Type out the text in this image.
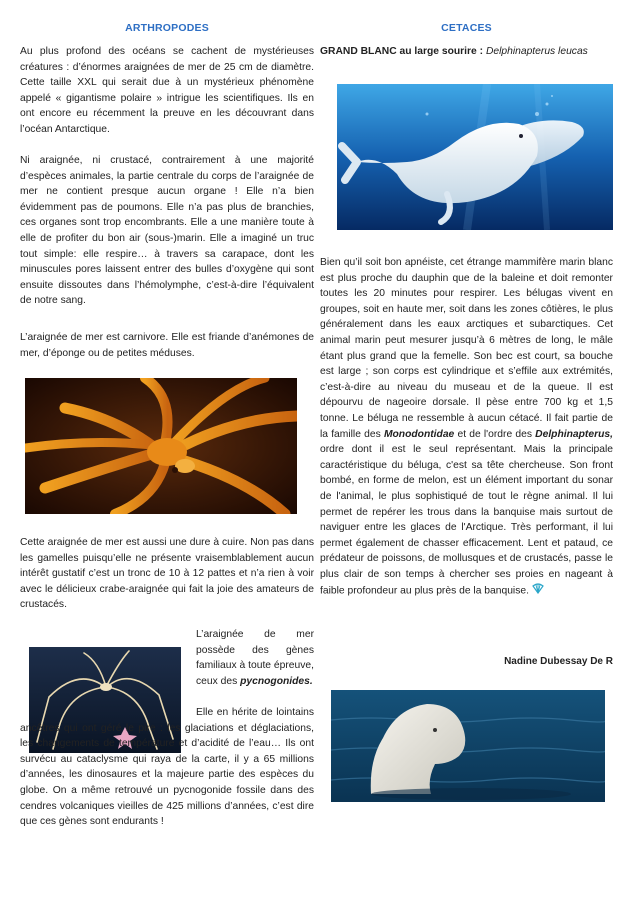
ARTHROPODES

Au plus profond des océans se cachent de mystérieuses créatures : d’énormes araignées de mer de 25 cm de diamètre. Cette taille XXL qui serait due à un mystérieux phénomène appelé « gigantisme polaire » intrigue les scientifiques. Ils en ont encore eu récemment la preuve en les découvrant dans l’océan Antarctique.

Ni araignée, ni crustacé, contrairement à une majorité d’espèces animales, la partie centrale du corps de l’araignée de mer ne contient presque aucun organe ! Elle n’a bien évidemment pas de poumons. Elle n’a pas plus de branchies, ces organes sont trop encombrants. Elle a une manière toute à elle de profiter du bon air (sous-)marin. Elle a imaginé un truc tout simple: elle respire… à travers sa carapace, dont les minuscules pores laissent entrer des bulles d’oxygène qui sont ensuite dissoutes dans l’hémolymphe, c’est-à-dire l’équivalent de notre sang.

L’araignée de mer est carnivore. Elle est friande d’anémones de mer, d’éponge ou de petites méduses.

Cette araignée de mer est aussi une dure à cuire. Non pas dans les gamelles puisqu’elle ne présente vraisemblablement aucun intérêt gustatif c’est un tronc de 10 à 12 pattes et n’a rien à voir avec le délicieux crabe-araignée qui fait la joie des amateurs de crustacés.

L’araignée de mer possède des gènes familiaux à toute épreuve, ceux des pycnogonides.

Elle en hérite de lointains ancêtres qui ont géré le pire : les glaciations et déglaciations, les changements de température et d’acidité de l’eau… Ils ont survécu au cataclysme qui raya de la carte, il y a 65 millions d’années, les dinosaures et la majeure partie des espèces du globe. On a même retrouvé un pycnogonide fossile dans des cendres volcaniques vieilles de 425 millions d’années, c’est dire que ces gènes sont endurants !

CETACES
GRAND BLANC au large sourire : Delphinapterus leucas

Bien qu’il soit bon apnéiste, cet étrange mammifère marin blanc est plus proche du dauphin que de la baleine et doit remonter toutes les 20 minutes pour respirer. Les bélugas vivent en groupes, soit en haute mer, soit dans les zones côtières, le plus généralement dans les eaux arctiques et subarctiques. Cet animal marin peut mesurer jusqu’à 6 mètres de long, le mâle étant plus grand que la femelle. Son bec est court, sa bouche est large ; son corps est cylindrique et s’effile aux extrémités, c’est-à-dire au niveau du museau et de la queue. Il est dépourvu de nageoire dorsale. Il pèse entre 700 kg et 1,5 tonne. Le béluga ne ressemble à aucun cétacé. Il fait partie de la famille des Monodontidae et de l'ordre des Delphinapterus, ordre dont il est le seul représentant. Mais la principale caractéristique du béluga, c'est sa tête chercheuse. Son front bombé, en forme de melon, est un élément important du sonar de l'animal, le plus sophistiqué de tout le règne animal. Il lui permet de repérer les trous dans la banquise mais surtout de naviguer entre les glaces de l'Arctique. Très performant, il lui permet également de chasser efficacement. Lent et pataud, ce prédateur de poissons, de mollusques et de crustacés, passe le plus clair de son temps à chercher ses proies en nageant à faible profondeur au plus près de la banquise.

Nadine Dubessay De R
